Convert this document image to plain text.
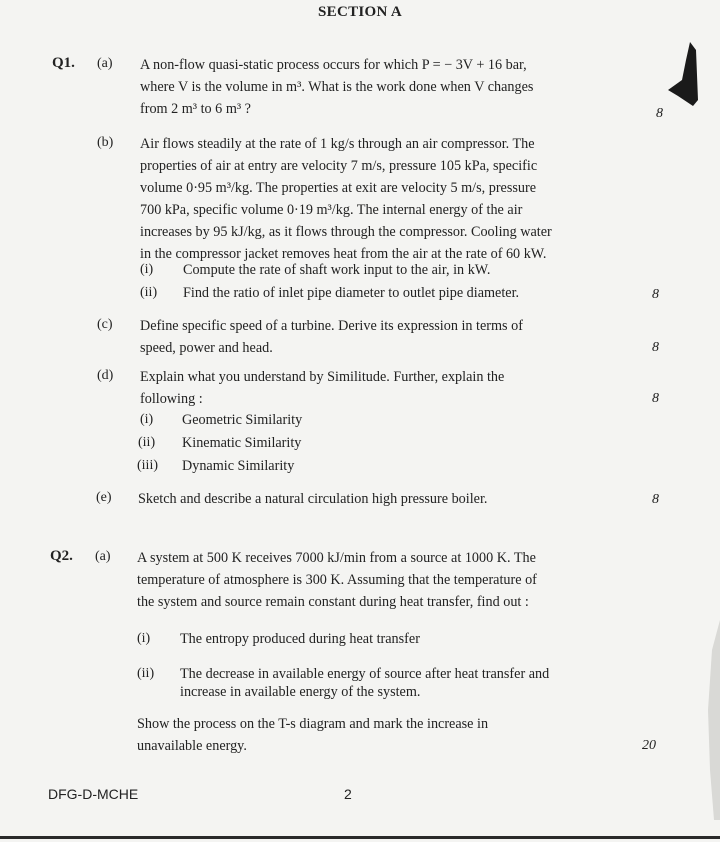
SECTION A
Q1. (a) A non-flow quasi-static process occurs for which P = − 3V + 16 bar,
where V is the volume in m³. What is the work done when V changes
from 2 m³ to 6 m³ ?	8
(b) Air flows steadily at the rate of 1 kg/s through an air compressor. The
properties of air at entry are velocity 7 m/s, pressure 105 kPa, specific
volume 0·95 m³/kg. The properties at exit are velocity 5 m/s, pressure
700 kPa, specific volume 0·19 m³/kg. The internal energy of the air
increases by 95 kJ/kg, as it flows through the compressor. Cooling water
in the compressor jacket removes heat from the air at the rate of 60 kW.
(i) Compute the rate of shaft work input to the air, in kW.
(ii) Find the ratio of inlet pipe diameter to outlet pipe diameter.	8
(c) Define specific speed of a turbine. Derive its expression in terms of
speed, power and head.	8
(d) Explain what you understand by Similitude. Further, explain the
following :	8
(i) Geometric Similarity
(ii) Kinematic Similarity
(iii) Dynamic Similarity
(e) Sketch and describe a natural circulation high pressure boiler.	8
Q2. (a) A system at 500 K receives 7000 kJ/min from a source at 1000 K. The
temperature of atmosphere is 300 K. Assuming that the temperature of
the system and source remain constant during heat transfer, find out :
(i) The entropy produced during heat transfer
(ii) The decrease in available energy of source after heat transfer and
increase in available energy of the system.
Show the process on the T-s diagram and mark the increase in
unavailable energy.	20
DFG-D-MCHE	2
